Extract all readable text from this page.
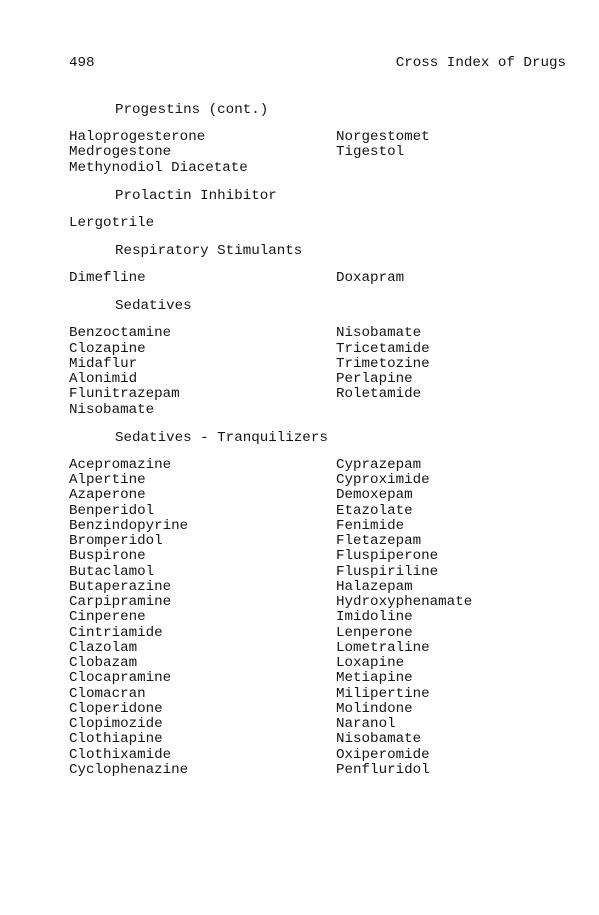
498	Cross Index of Drugs
Progestins (cont.)
Haloprogesterone
Medrogestone
Methynodiol Diacetate
Norgestomet
Tigestol
Prolactin Inhibitor
Lergotrile
Respiratory Stimulants
Dimefline	Doxapram
Sedatives
Benzoctamine
Clozapine
Midaflur
Alonimid
Flunitrazepam
Nisobamate
Nisobamate
Tricetamide
Trimetozine
Perlapine
Roletamide
Sedatives - Tranquilizers
Acepromazine
Alpertine
Azaperone
Benperidol
Benzindopyrine
Bromperidol
Buspirone
Butaclamol
Butaperazine
Carpipramine
Cinperene
Cintriamide
Clazolam
Clobazam
Clocapramine
Clomacran
Cloperidone
Clopimozide
Clothiapine
Clothixamide
Cyclophenazine
Cyprazepam
Cyproximide
Demoxepam
Etazolate
Fenimide
Fletazepam
Fluspiperone
Fluspiriline
Halazepam
Hydroxyphenamate
Imidoline
Lenperone
Lometraline
Loxapine
Metiapine
Milipertine
Molindone
Naranol
Nisobamate
Oxiperomide
Penfluridol
